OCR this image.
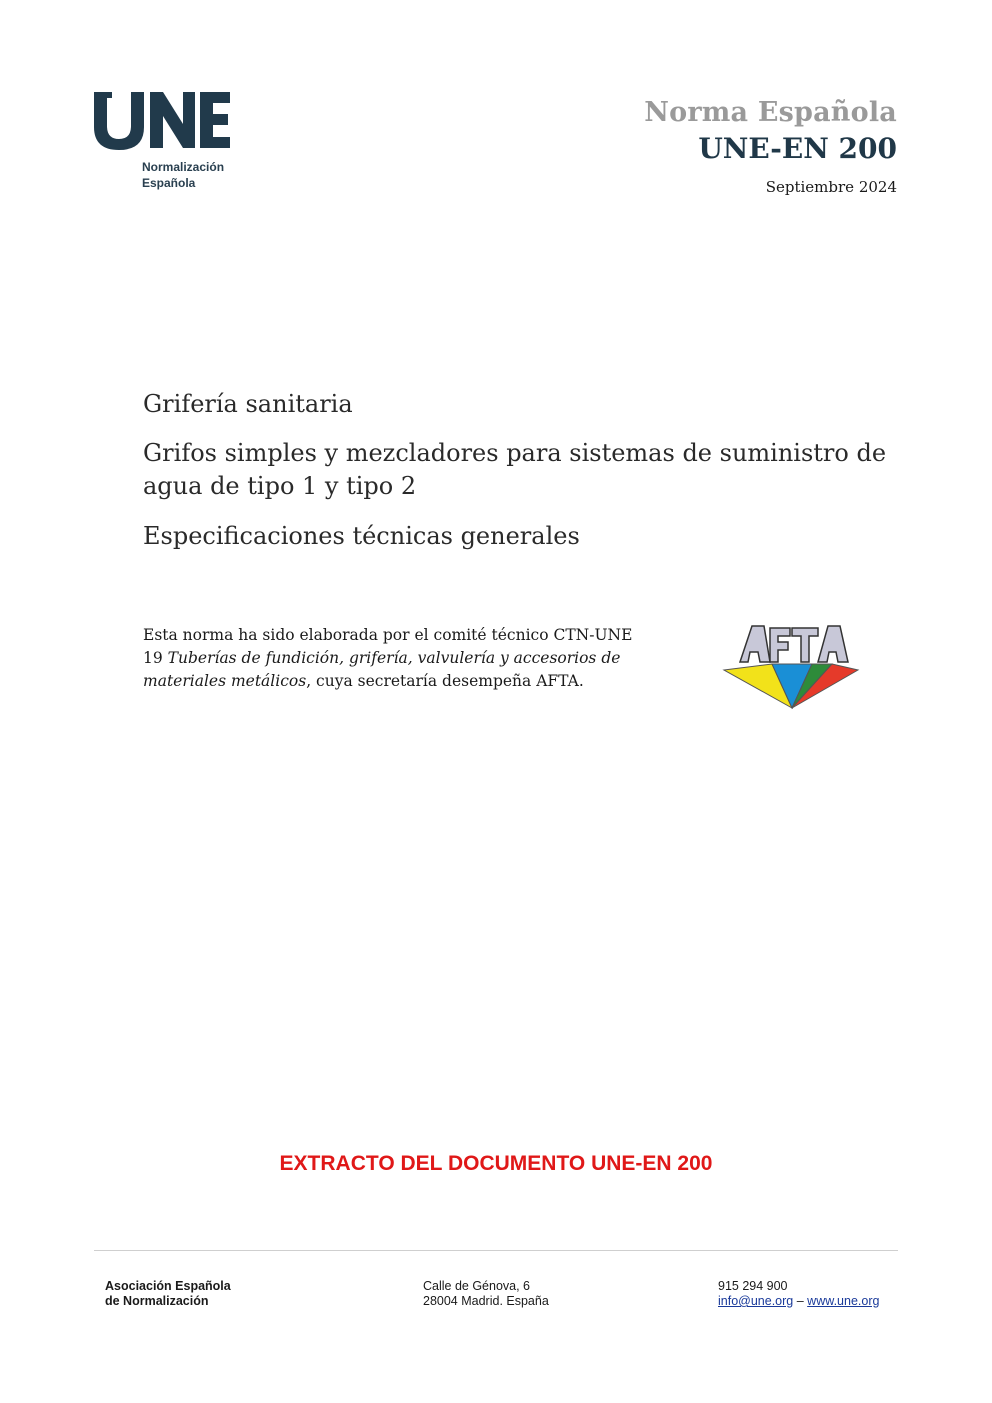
Normalización
Española
Norma Española
UNE-EN 200
Septiembre 2024
Grifería sanitaria
Grifos simples y mezcladores para sistemas de suministro de agua de tipo 1 y tipo 2
Especificaciones técnicas generales
Esta norma ha sido elaborada por el comité técnico CTN-UNE 19 Tuberías de fundición, grifería, valvulería y accesorios de materiales metálicos, cuya secretaría desempeña AFTA.
EXTRACTO DEL DOCUMENTO UNE-EN 200
Asociación Española
de Normalización
Calle de Génova, 6
28004 Madrid. España
915 294 900
info@une.org – www.une.org
